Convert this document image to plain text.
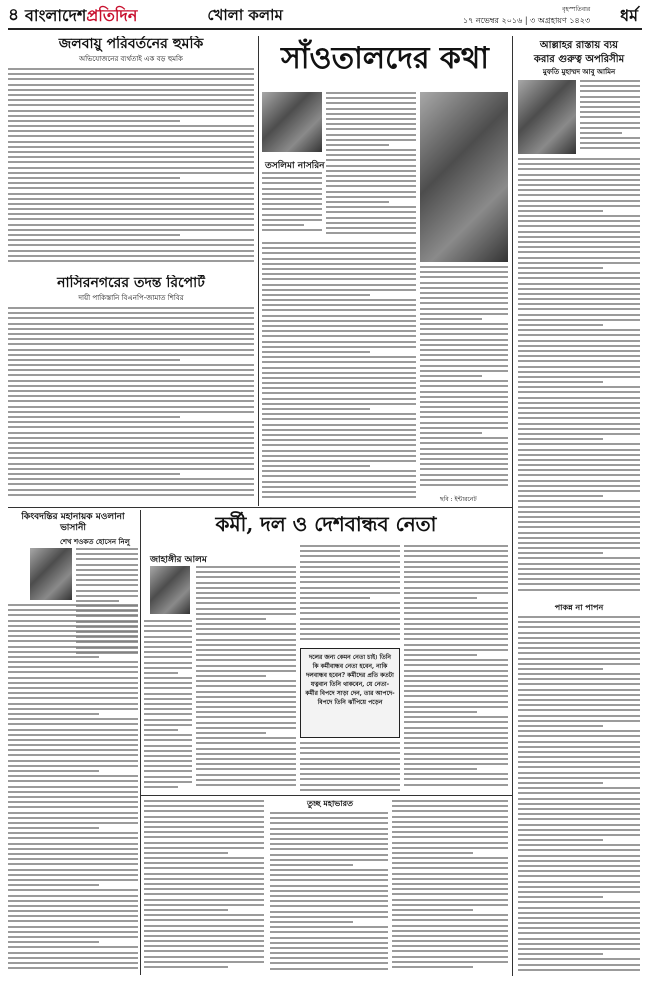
৪ বাংলাদেশপ্রতিদিন	খোলা কলাম	বৃহস্পতিবার
১৭ নভেম্বর ২০১৬ | ৩ অগ্রহায়ণ ১৪২৩ ধর্ম
জলবায়ু পরিবর্তনের হুমকি
অভিযোজনের ব্যর্থতাই এক বড় হুমকি
নাসিরনগরের তদন্ত রিপোর্ট
দায়ী পাকিস্তানি বিএনপি-জামাত শিবির
সাঁওতালদের কথা
তসলিমা নাসরিন
ছবি : ইন্টারনেট
কিংবদন্তির মহানায়ক মওলানা ভাসানী
শেখ শওকত হোসেন নিলু
কর্মী, দল ও দেশবান্ধব নেতা
জাহাঙ্গীর আলম
দলের জন্য কেমন নেতা চাই। তিনি কি কর্মীবান্ধব নেতা হবেন, নাকি দলবান্ধব হবেন? কর্মীদের প্রতি কতটা যত্নবান তিনি থাকবেন, যে নেতা-কর্মীর বিপদে সাড়া দেন, তার আপদে-বিপদে তিনি ঝাঁপিয়ে পড়েন
তুচ্ছ মহাভারত
আল্লাহর রাস্তায় ব্যয়
করার গুরুত্ব অপরিসীম
মুফতি মুহাম্মদ আবু আমিন
পাকন্ন না পাপন
